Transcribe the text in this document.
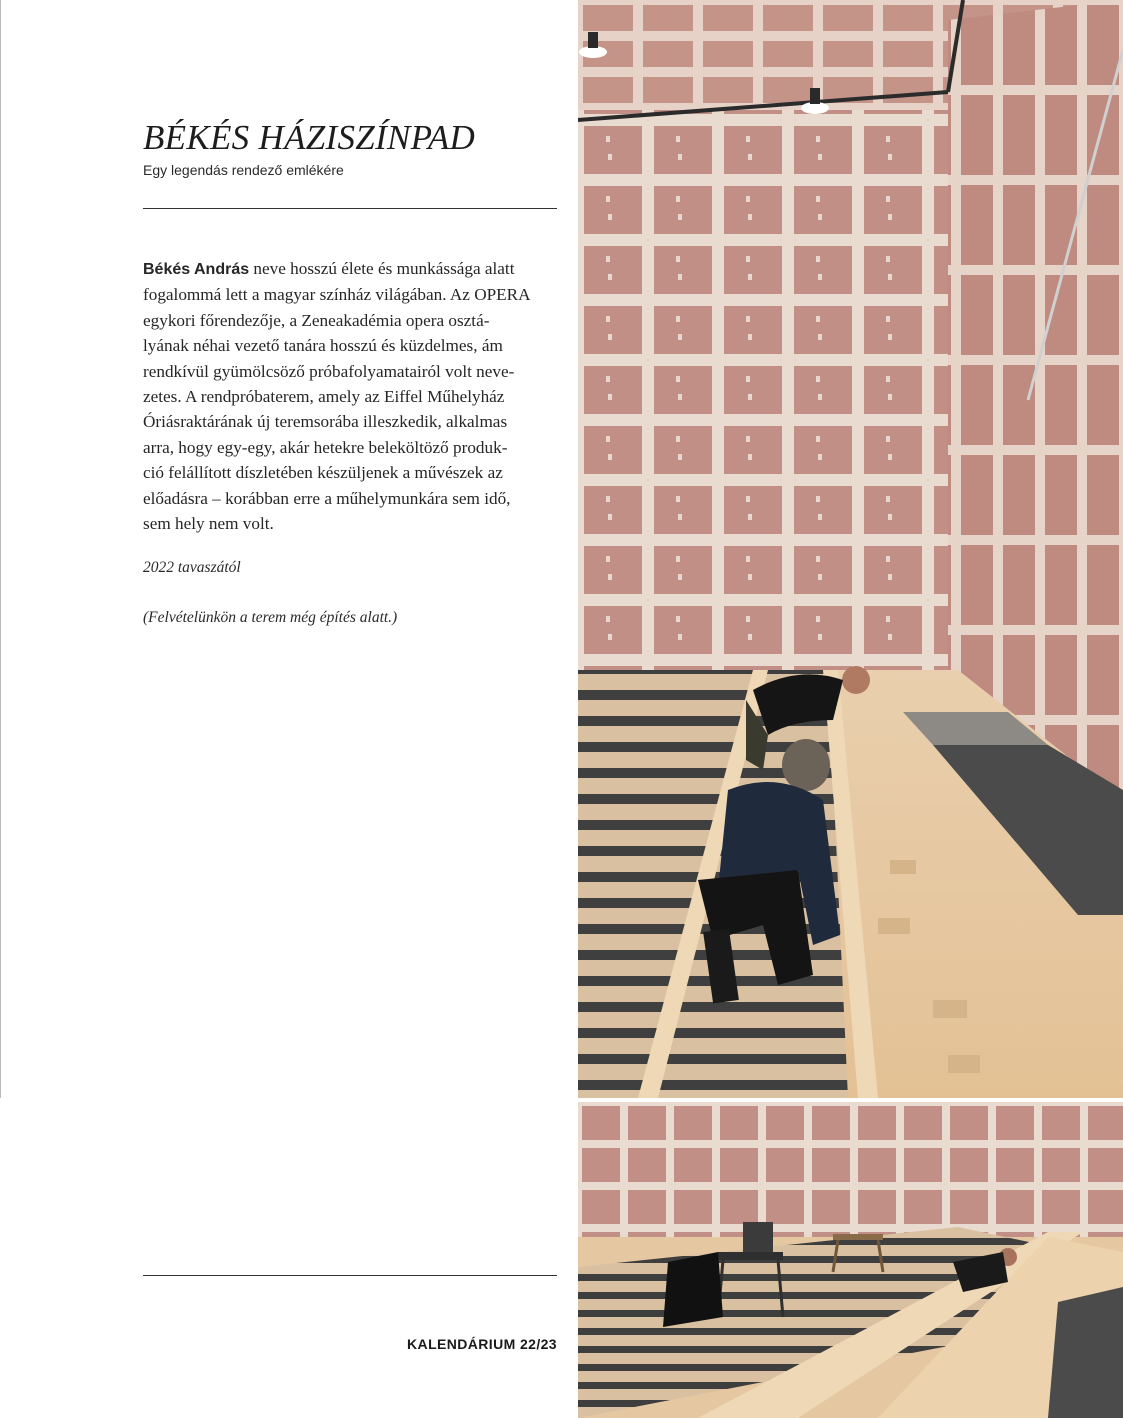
BÉKÉS HÁZISZÍNPAD
Egy legendás rendező emlékére
Békés András neve hosszú élete és munkássága alatt
fogalommá lett a magyar színház világában. Az OPERA
egykori főrendezője, a Zeneakadémia opera osztá-
lyának néhai vezető tanára hosszú és küzdelmes, ám
rendkívül gyümölcsöző próbafolyamatairól volt neve-
zetes. A rendpróbaterem, amely az Eiffel Műhelyház
Óriásraktárának új teremsorába illeszkedik, alkalmas
arra, hogy egy-egy, akár hetekre beleköltöző produk-
ció felállított díszletében készüljenek a művészek az
előadásra – korábban erre a műhelymunkára sem idő,
sem hely nem volt.
2022 tavaszától
(Felvételünkön a terem még építés alatt.)
KALENDÁRIUM 22/23
